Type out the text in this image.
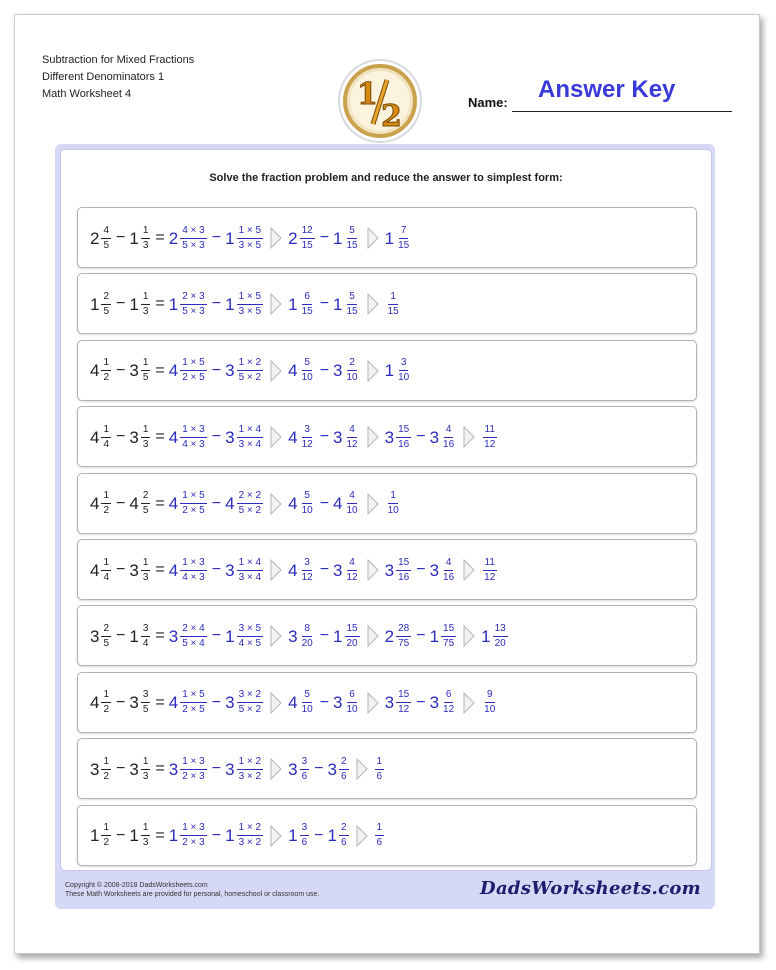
Subtraction for Mixed Fractions
Different Denominators 1
Math Worksheet 4	1
2	Name: Answer Key
Solve the fraction problem and reduce the answer to simplest form:
$2 \frac{4}{5} - 1 \frac{1}{3} = 2 \frac{4 \times 3}{5 \times 3} - 1 \frac{1 \times 5}{3 \times 5} 2 \frac{12}{15} - 1 \frac{5}{15} 1 \frac{7}{15}$
$1 \frac{2}{5} - 1 \frac{1}{3} = 1 \frac{2 \times 3}{5 \times 3} - 1 \frac{1 \times 5}{3 \times 5} 1 \frac{6}{15} - 1 \frac{5}{15}$	$\frac{1}{15}$
$4 \frac{1}{2} - 3 \frac{1}{5} = 4 \frac{1 \times 5}{2 \times 5} - 3 \frac{1 \times 2}{5 \times 2} 4 \frac{5}{10} - 3 \frac{2}{10} 1 \frac{3}{10}$
$4 \frac{1}{4} - 3 \frac{1}{3} = 4 \frac{1 \times 3}{4 \times 3} - 3 \frac{1 \times 4}{3 \times 4} 4 \frac{3}{12} - 3 \frac{4}{12} 3 \frac{15}{16} - 3 \frac{4}{16}$	$\frac{11}{12}$
$4 \frac{1}{2} - 4 \frac{2}{5} = 4 \frac{1 \times 5}{2 \times 5} - 4 \frac{2 \times 2}{5 \times 2} 4 \frac{5}{10} - 4 \frac{4}{10}$	$\frac{1}{10}$
$4 \frac{1}{4} - 3 \frac{1}{3} = 4 \frac{1 \times 3}{4 \times 3} - 3 \frac{1 \times 4}{3 \times 4} 4 \frac{3}{12} - 3 \frac{4}{12} 3 \frac{15}{16} - 3 \frac{4}{16}$	$\frac{11}{12}$
$3 \frac{2}{5} - 1 \frac{3}{4} = 3 \frac{2 \times 4}{5 \times 4} - 1 \frac{3 \times 5}{4 \times 5} 3 \frac{8}{20} - 1 \frac{15}{20} 2 \frac{28}{75} - 1 \frac{15}{75} 1 \frac{13}{20}$
$4 \frac{1}{2} - 3 \frac{3}{5} = 4 \frac{1 \times 5}{2 \times 5} - 3 \frac{3 \times 2}{5 \times 2} 4 \frac{5}{10} - 3 \frac{6}{10} 3 \frac{15}{12} - 3 \frac{6}{12}$	$\frac{9}{10}$
$3 \frac{1}{2} - 3 \frac{1}{3} = 3 \frac{1 \times 3}{2 \times 3} - 3 \frac{1 \times 2}{3 \times 2} 3 \frac{3}{6} - 3 \frac{2}{6}$	$\frac{1}{6}$
$1 \frac{1}{2} - 1 \frac{1}{3} = 1 \frac{1 \times 3}{2 \times 3} - 1 \frac{1 \times 2}{3 \times 2} 1 \frac{3}{6} - 1 \frac{2}{6}$	$\frac{1}{6}$
Copyright © 2008-2018 DadsWorksheets.com
These Math Worksheets are provided for personal, homeschool or classroom use.	DadsWorksheets.com
